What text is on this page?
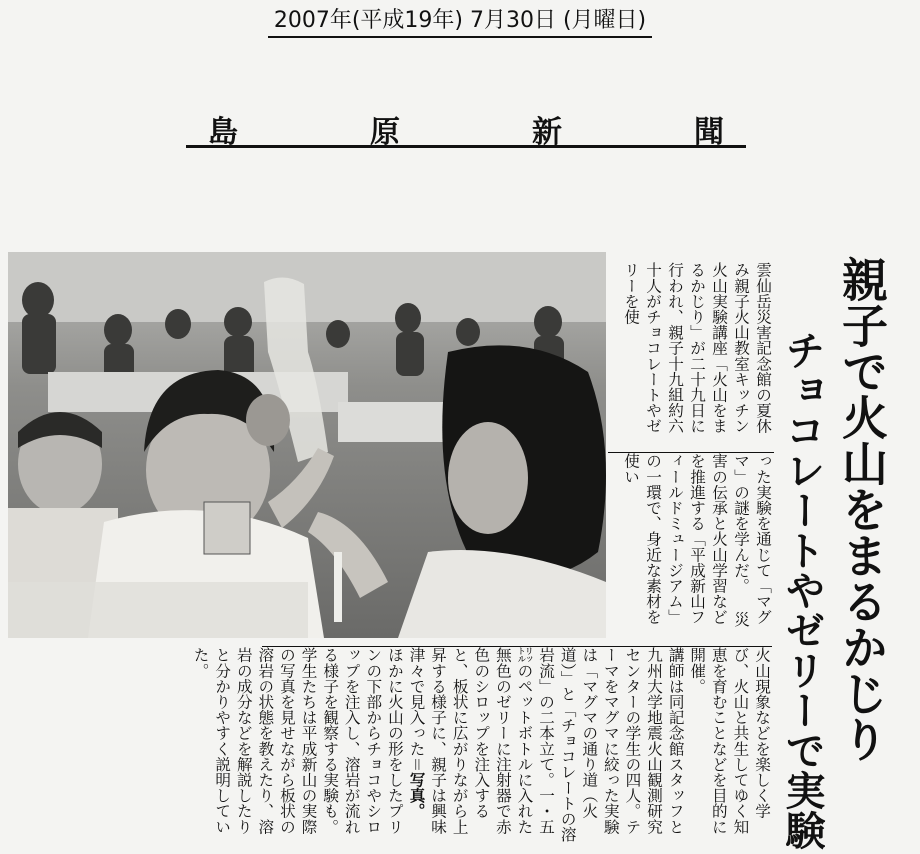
2007年(平成19年) 7月30日 (月曜日)
島	原	新	聞
親子で火山をまるかじり
チョコレートやゼリーで実験

雲仙岳災害記念館の夏休み親子火山教室キッチン火山実験講座「火山をまるかじり」が二十九日に行われ、親子十九組約六十人がチョコレートやゼリーを使

った実験を通じて「マグマ」の謎を学んだ。 災害の伝承と火山学習などを推進する「平成新山フィールドミュージアム」の一環で、身近な素材を使い

火山現象などを楽しく学び、火山と共生してゆく知恵を育むことなどを目的に開催。

講師は同記念館スタッフと九州大学地震火山観測研究センターの学生の四人。テーマをマグマに絞った実験は「マグマの通り道（火道）」と「チョコレートの溶岩流」の二本立て。一・五㍑のペットボトルに入れた無色のゼリーに注射器で赤色のシロップを注入すると、板状に広がりながら上昇する様子に、親子は興味津々で見入った＝写真。

ほかに火山の形をしたプリンの下部からチョコやシロップを注入し、溶岩が流れる様子を観察する実験も。学生たちは平成新山の実際の写真を見せながら板状の溶岩の状態を教えたり、溶岩の成分などを解説したりと分かりやすく説明していた。
